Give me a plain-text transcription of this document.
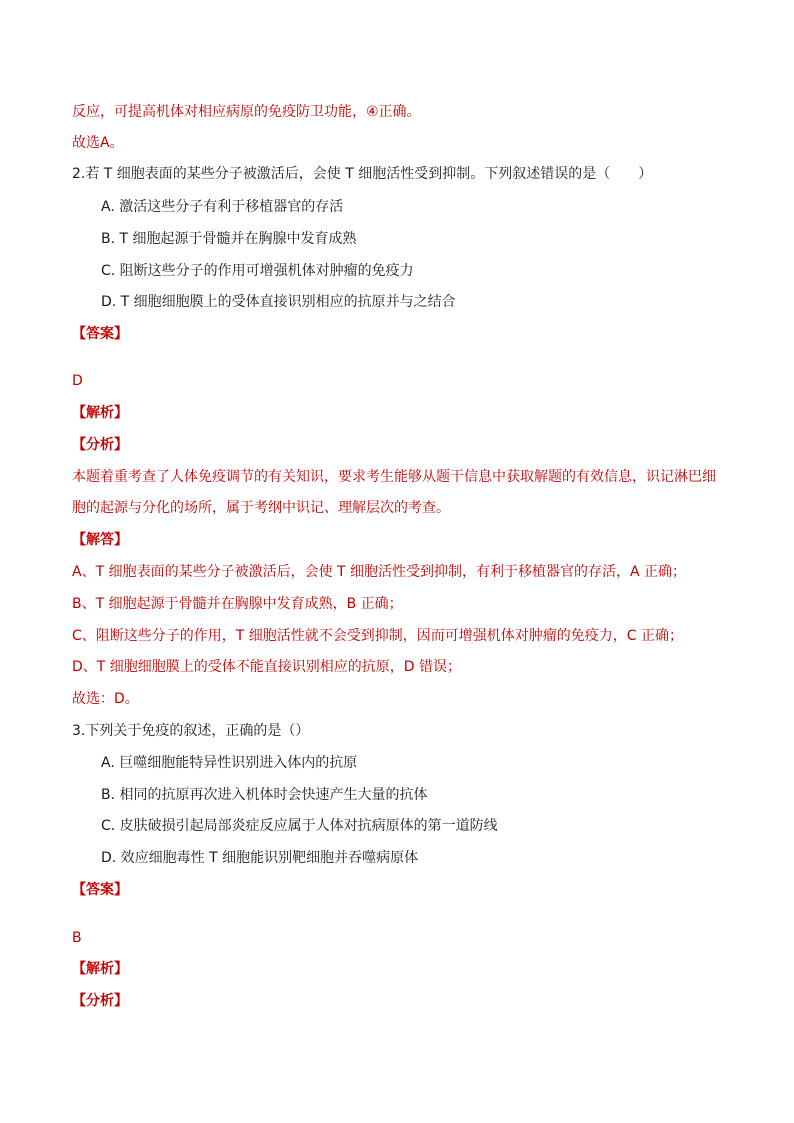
反应，可提高机体对相应病原的免疫防卫功能，④正确。
故选A。
2.若 T 细胞表面的某些分子被激活后，会使 T 细胞活性受到抑制。下列叙述错误的是（　　）
A. 激活这些分子有利于移植器官的存活
B. T 细胞起源于骨髓并在胸腺中发育成熟
C. 阻断这些分子的作用可增强机体对肿瘤的免疫力
D. T 细胞细胞膜上的受体直接识别相应的抗原并与之结合
【答案】
D
【解析】
【分析】
本题着重考查了人体免疫调节的有关知识，要求考生能够从题干信息中获取解题的有效信息，识记淋巴细
胞的起源与分化的场所，属于考纲中识记、理解层次的考查。
【解答】
A、T 细胞表面的某些分子被激活后，会使 T 细胞活性受到抑制，有利于移植器官的存活，A 正确；
B、T 细胞起源于骨髓并在胸腺中发育成熟，B 正确；
C、阻断这些分子的作用，T 细胞活性就不会受到抑制，因而可增强机体对肿瘤的免疫力，C 正确；
D、T 细胞细胞膜上的受体不能直接识别相应的抗原，D 错误；
故选：D。
3.下列关于免疫的叙述，正确的是（）
A. 巨噬细胞能特异性识别进入体内的抗原
B. 相同的抗原再次进入机体时会快速产生大量的抗体
C. 皮肤破损引起局部炎症反应属于人体对抗病原体的第一道防线
D. 效应细胞毒性 T 细胞能识别靶细胞并吞噬病原体
【答案】
B
【解析】
【分析】
